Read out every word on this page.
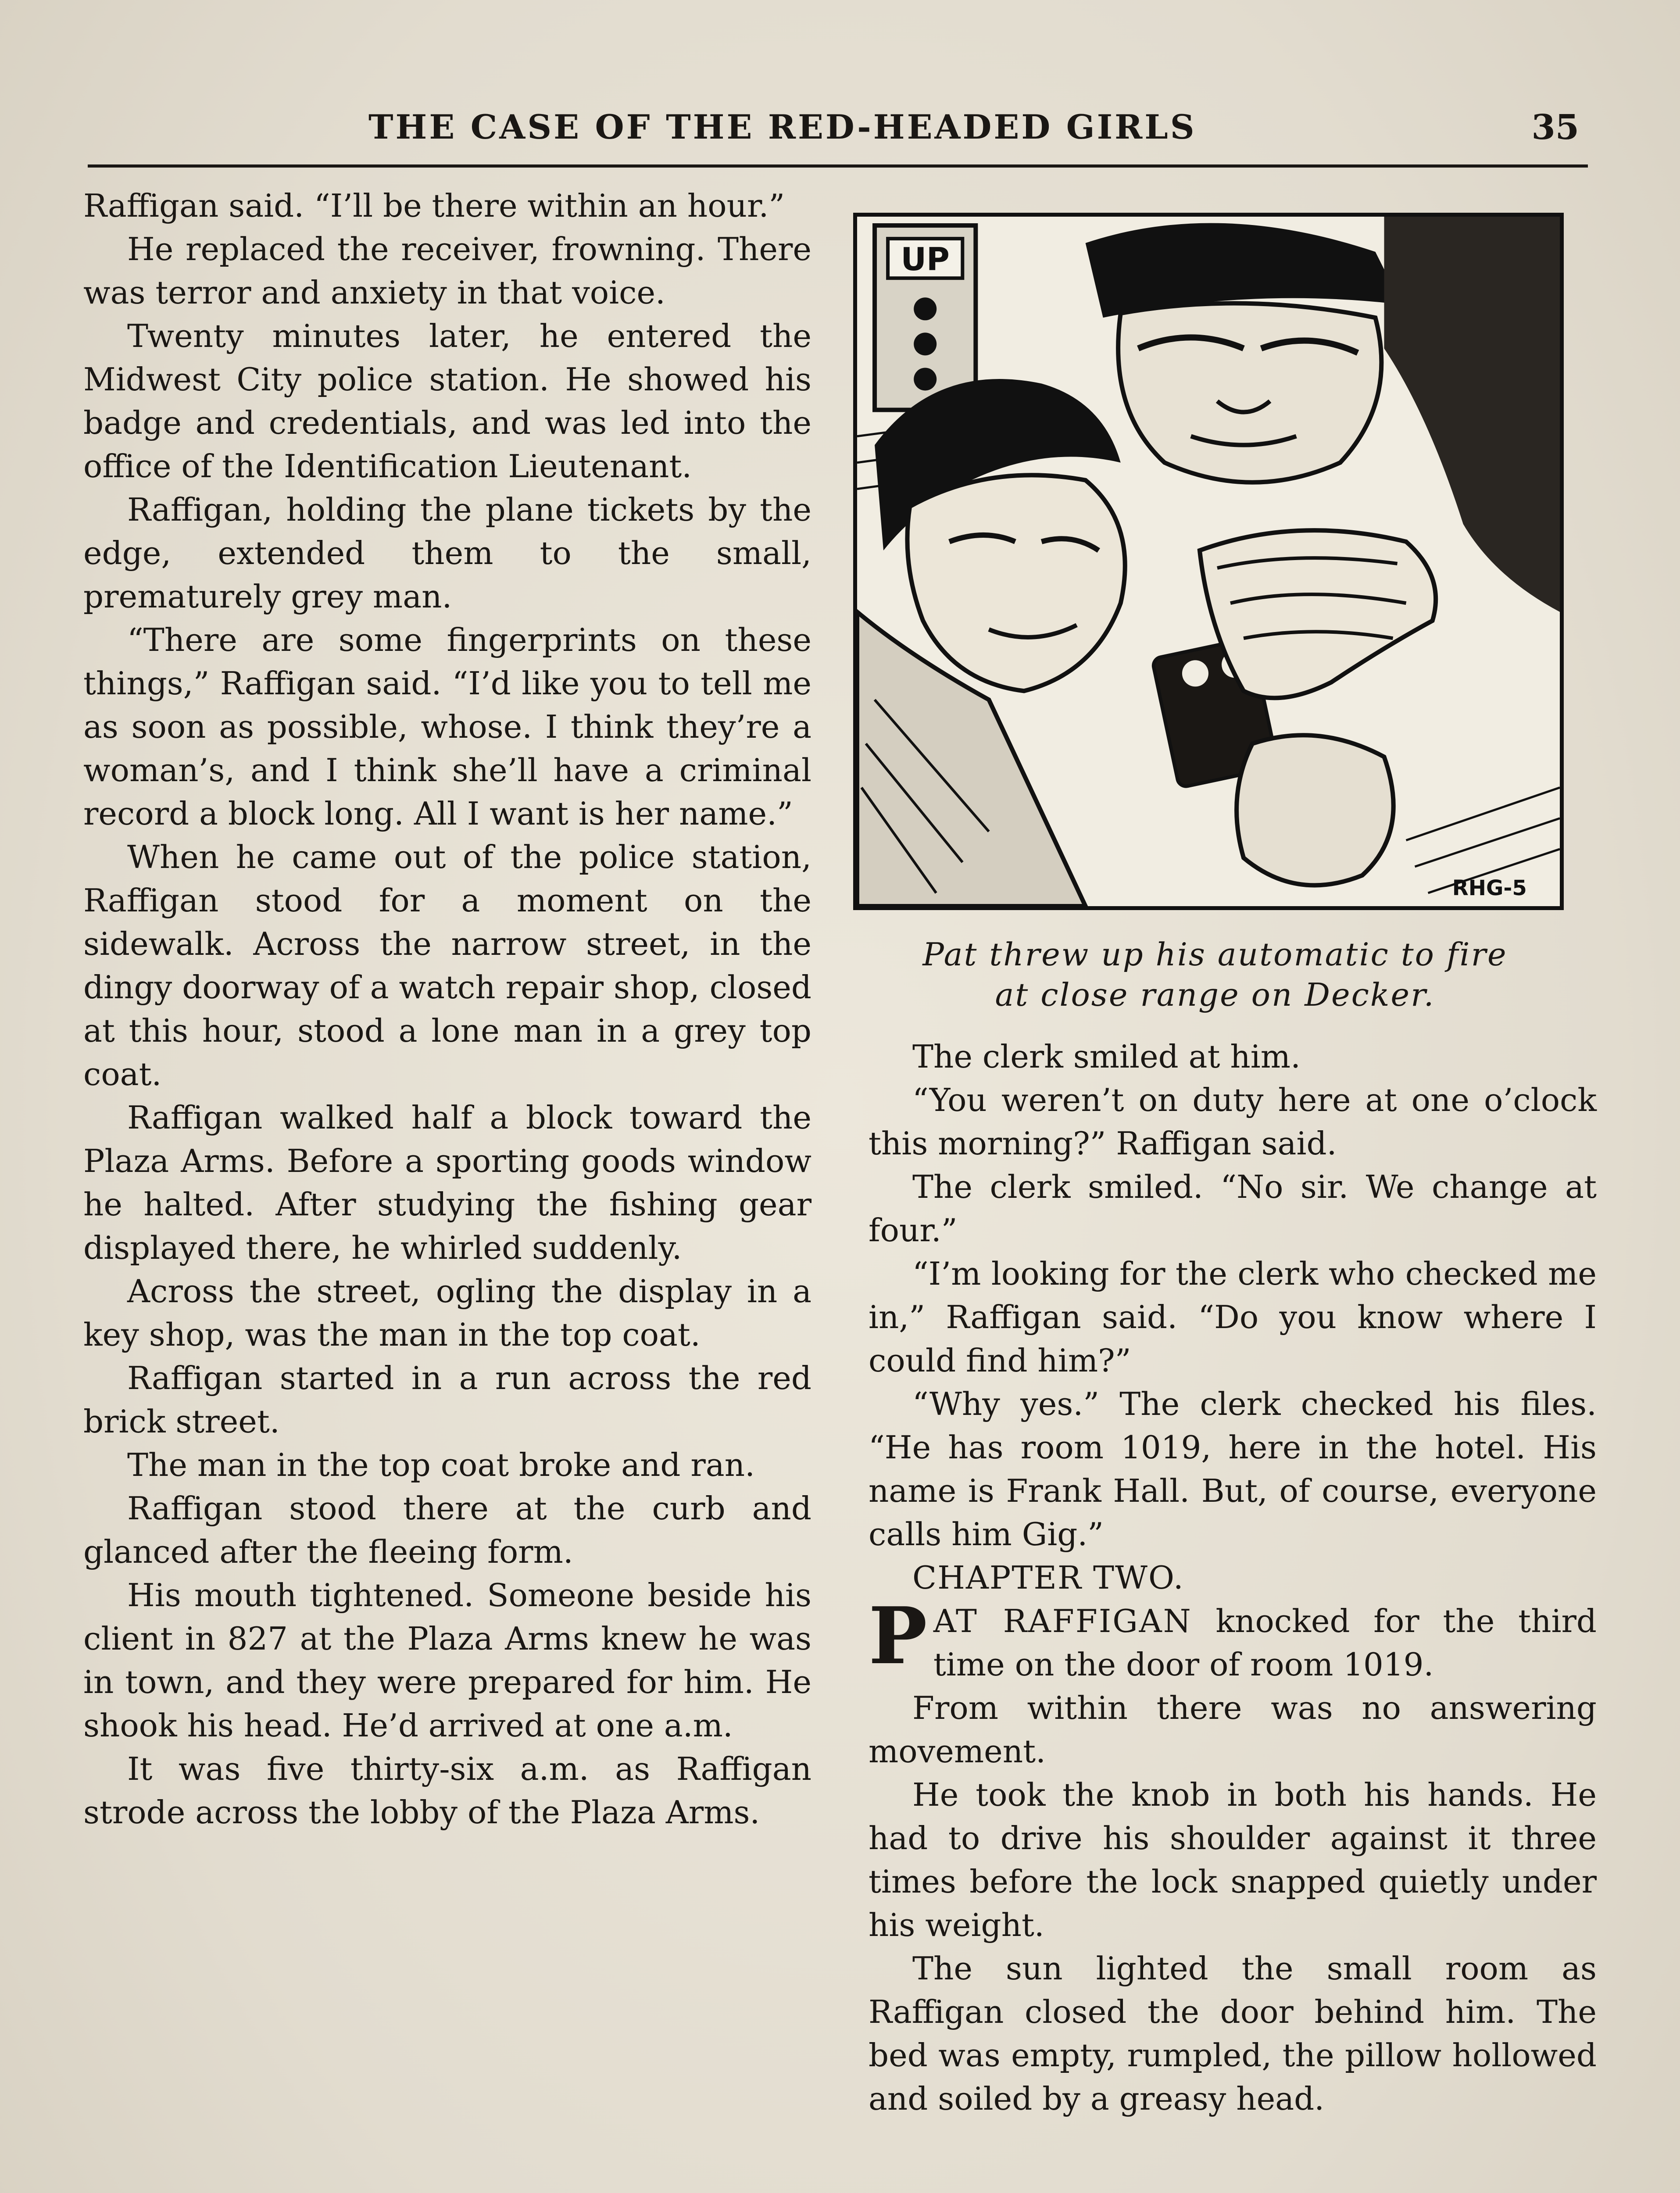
THE CASE OF THE RED-HEADED GIRLS	35

Raffigan said. “I’ll be there within an hour.”

He replaced the receiver, frowning. There was terror and anxiety in that voice.

Twenty minutes later, he entered the Midwest City police station. He showed his badge and credentials, and was led into the office of the Identification Lieutenant.

Raffigan, holding the plane tickets by the edge, extended them to the small, prematurely grey man.

“There are some fingerprints on these things,” Raffigan said. “I’d like you to tell me as soon as possible, whose. I think they’re a woman’s, and I think she’ll have a criminal record a block long. All I want is her name.”

When he came out of the police station, Raffigan stood for a moment on the sidewalk. Across the narrow street, in the dingy doorway of a watch repair shop, closed at this hour, stood a lone man in a grey top coat.

Raffigan walked half a block toward the Plaza Arms. Before a sporting goods window he halted. After studying the fishing gear displayed there, he whirled suddenly.

Across the street, ogling the display in a key shop, was the man in the top coat.

Raffigan started in a run across the red brick street.

The man in the top coat broke and ran.

Raffigan stood there at the curb and glanced after the fleeing form.

His mouth tightened. Someone beside his client in 827 at the Plaza Arms knew he was in town, and they were prepared for him. He shook his head. He’d arrived at one a.m.

It was five thirty-six a.m. as Raffigan strode across the lobby of the Plaza Arms.

UP
RHG-5
Pat threw up his automatic to fire
at close range on Decker.

The clerk smiled at him.

“You weren’t on duty here at one o’clock this morning?” Raffigan said.

The clerk smiled. “No sir. We change at four.”

“I’m looking for the clerk who checked me in,” Raffigan said. “Do you know where I could find him?”

“Why yes.” The clerk checked his files. “He has room 1019, here in the hotel. His name is Frank Hall. But, of course, everyone calls him Gig.”

CHAPTER TWO.

PAT RAFFIGAN knocked for the third time on the door of room 1019.

From within there was no answering movement.

He took the knob in both his hands. He had to drive his shoulder against it three times before the lock snapped quietly under his weight.

The sun lighted the small room as Raffigan closed the door behind him. The bed was empty, rumpled, the pillow hollowed and soiled by a greasy head.
